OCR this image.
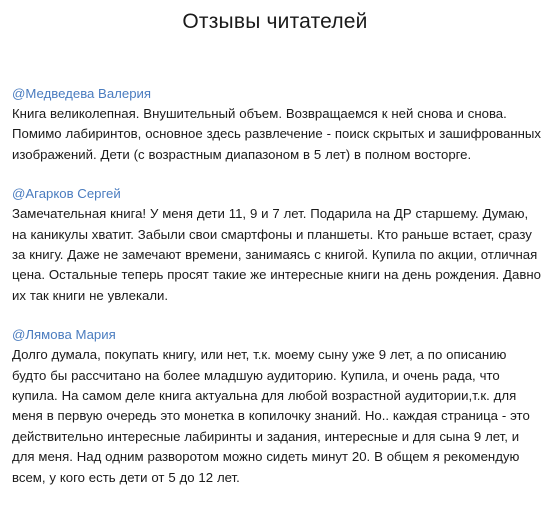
Отзывы читателей
@Медведева Валерия

Книга великолепная. Внушительный объем. Возвращаемся к ней снова и снова. Помимо лабиринтов, основное здесь развлечение - поиск скрытых и зашифрованных изображений. Дети (с возрастным диапазоном в 5 лет) в полном восторге.

@Агарков Сергей

Замечательная книга! У меня дети 11, 9 и 7 лет. Подарила на ДР старшему. Думаю, на каникулы хватит. Забыли свои смартфоны и планшеты. Кто раньше встает, сразу за книгу. Даже не замечают времени, занимаясь с книгой. Купила по акции, отличная цена. Остальные теперь просят такие же интересные книги на день рождения. Давно их так книги не увлекали.

@Лямова Мария

Долго думала, покупать книгу, или нет, т.к. моему сыну уже 9 лет, а по описанию будто бы рассчитано на более младшую аудиторию. Купила, и очень рада, что купила. На самом деле книга актуальна для любой возрастной аудитории,т.к. для меня в первую очередь это монетка в копилочку знаний. Но.. каждая страница - это действительно интересные лабиринты и задания, интересные и для сына 9 лет, и для меня. Над одним разворотом можно сидеть минут 20. В общем я рекомендую всем, у кого есть дети от 5 до 12 лет.
